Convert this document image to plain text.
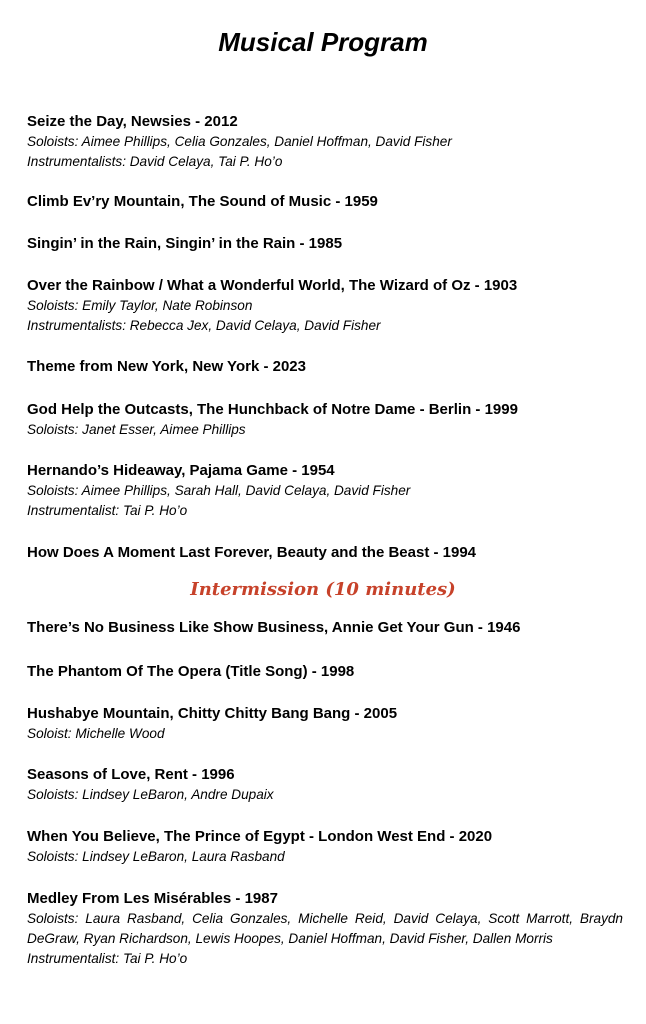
Musical Program
Seize the Day, Newsies - 2012
Soloists: Aimee Phillips, Celia Gonzales, Daniel Hoffman, David Fisher
Instrumentalists: David Celaya, Tai P. Ho’o
Climb Ev’ry Mountain, The Sound of Music - 1959
Singin’ in the Rain, Singin’ in the Rain - 1985
Over the Rainbow / What a Wonderful World, The Wizard of Oz - 1903
Soloists: Emily Taylor, Nate Robinson
Instrumentalists: Rebecca Jex, David Celaya, David Fisher
Theme from New York, New York - 2023
God Help the Outcasts, The Hunchback of Notre Dame - Berlin - 1999
Soloists: Janet Esser, Aimee Phillips
Hernando’s Hideaway, Pajama Game - 1954
Soloists: Aimee Phillips, Sarah Hall, David Celaya, David Fisher
Instrumentalist: Tai P. Ho’o
How Does A Moment Last Forever, Beauty and the Beast - 1994
Intermission (10 minutes)
There’s No Business Like Show Business, Annie Get Your Gun - 1946
The Phantom Of The Opera (Title Song) - 1998
Hushabye Mountain, Chitty Chitty Bang Bang - 2005
Soloist: Michelle Wood
Seasons of Love, Rent - 1996
Soloists: Lindsey LeBaron, Andre Dupaix
When You Believe, The Prince of Egypt - London West End - 2020
Soloists: Lindsey LeBaron, Laura Rasband
Medley From Les Misérables - 1987
Soloists: Laura Rasband, Celia Gonzales, Michelle Reid, David Celaya, Scott Marrott, Braydn DeGraw, Ryan Richardson, Lewis Hoopes, Daniel Hoffman, David Fisher, Dallen Morris
Instrumentalist: Tai P. Ho’o
